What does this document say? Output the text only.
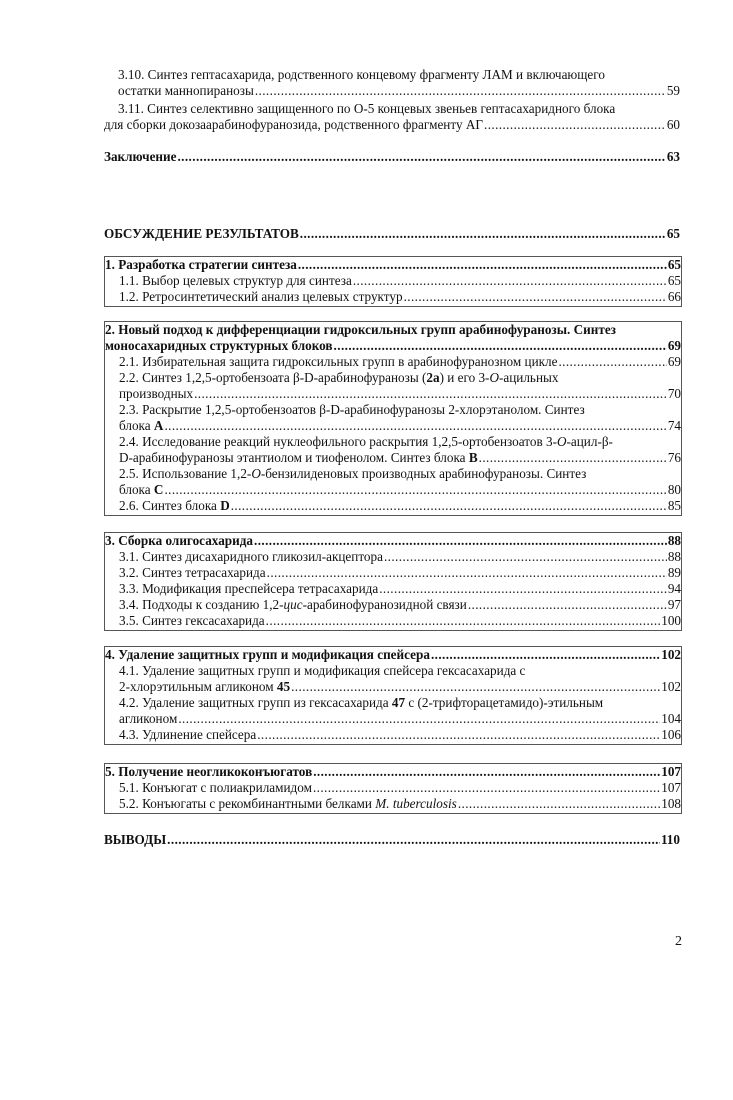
3.10. Синтез гептасахарида, родственного концевому фрагменту ЛАМ и включающего
остатки маннопиранозы .....	59
3.11. Синтез селективно защищенного по О-5 концевых звеньев гептасахаридного блока
для сборки докозаарабинофуранозида, родственного фрагменту АГ .....	60
Заключение .....	63
ОБСУЖДЕНИЕ РЕЗУЛЬТАТОВ .....	65
1. Разработка стратегии синтеза .....	65
1.1. Выбор целевых структур для синтеза .....	65
1.2. Ретросинтетический анализ целевых структур .....	66
2. Новый подход к дифференциации гидроксильных групп арабинофуранозы. Синтез
моносахаридных структурных блоков .....	69
2.1. Избирательная защита гидроксильных групп в арабинофуранозном цикле .....	69
2.2. Синтез 1,2,5-ортобензоата β-D-арабинофуранозы (2a) и его 3-O-ацильных
производных .....	70
2.3. Раскрытие 1,2,5-ортобензоатов β-D-арабинофуранозы 2-хлорэтанолом. Синтез
блока A .....	74
2.4. Исследование реакций нуклеофильного раскрытия 1,2,5-ортобензоатов 3-O-ацил-β-
D-арабинофуранозы этантиолом и тиофенолом. Синтез блока B .....	76
2.5. Использование 1,2-O-бензилиденовых производных арабинофуранозы. Синтез
блока C .....	80
2.6. Синтез блока D .....	85
3. Сборка олигосахарида .....	88
3.1. Синтез дисахаридного гликозил-акцептора .....	88
3.2. Синтез тетрасахарида .....	89
3.3. Модификация преспейсера тетрасахарида .....	94
3.4. Подходы к созданию 1,2-цис-арабинофуранозидной связи .....	97
3.5. Синтез гексасахарида .....	100
4. Удаление защитных групп и модификация спейсера .....	102
4.1. Удаление защитных групп и модификация спейсера гексасахарида с
2-хлорэтильным агликоном 45 .....	102
4.2. Удаление защитных групп из гексасахарида 47 с (2-трифторацетамидо)-этильным
агликоном .....	104
4.3. Удлинение спейсера .....	106
5. Получение неогликоконъюгатов .....	107
5.1. Конъюгат с полиакриламидом .....	107
5.2. Конъюгаты с рекомбинантными белками M. tuberculosis .....	108
ВЫВОДЫ .....	110
2
